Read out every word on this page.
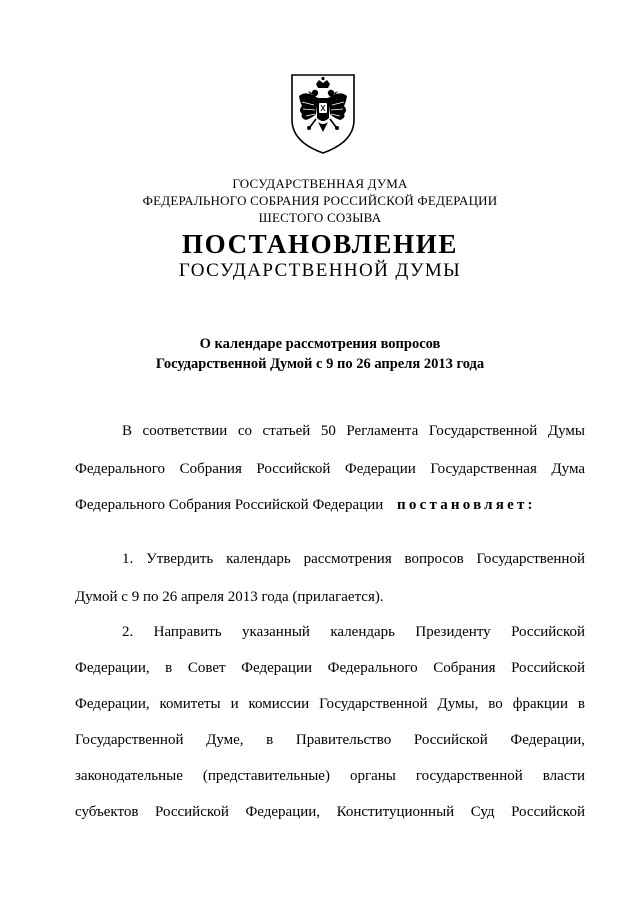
ГОСУДАРСТВЕННАЯ ДУМА
ФЕДЕРАЛЬНОГО СОБРАНИЯ РОССИЙСКОЙ ФЕДЕРАЦИИ
ШЕСТОГО СОЗЫВА
ПОСТАНОВЛЕНИЕ
ГОСУДАРСТВЕННОЙ ДУМЫ
О календаре рассмотрения вопросов
Государственной Думой с 9 по 26 апреля 2013 года
В соответствии со статьей 50 Регламента Государственной Думы
Федерального Собрания Российской Федерации Государственная Дума
Федерального Собрания Российской Федерации постановляет:
1. Утвердить календарь рассмотрения вопросов Государственной
Думой с 9 по 26 апреля 2013 года (прилагается).
2. Направить указанный календарь Президенту Российской
Федерации, в Совет Федерации Федерального Собрания Российской
Федерации, комитеты и комиссии Государственной Думы, во фракции в
Государственной Думе, в Правительство Российской Федерации,
законодательные (представительные) органы государственной власти
субъектов Российской Федерации, Конституционный Суд Российской
